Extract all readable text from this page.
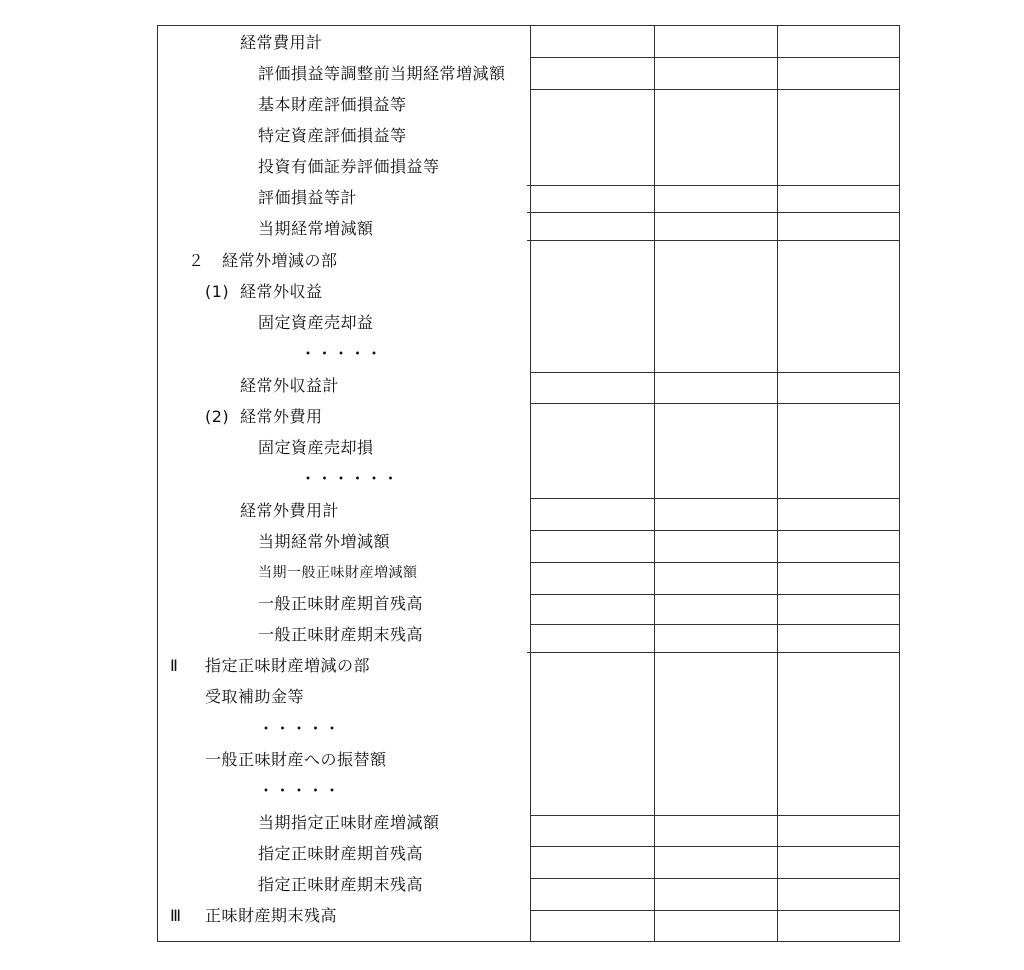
経常費用計
評価損益等調整前当期経常増減額
基本財産評価損益等
特定資産評価損益等
投資有価証券評価損益等
評価損益等計
当期経常増減額
２ 経常外増減の部
(1) 経常外収益
固定資産売却益
・・・・・
経常外収益計
(2) 経常外費用
固定資産売却損
・・・・・・
経常外費用計
当期経常外増減額
当期一般正味財産増減額
一般正味財産期首残高
一般正味財産期末残高
Ⅱ 指定正味財産増減の部
受取補助金等
・・・・・
一般正味財産への振替額
・・・・・
当期指定正味財産増減額
指定正味財産期首残高
指定正味財産期末残高
Ⅲ 正味財産期末残高
